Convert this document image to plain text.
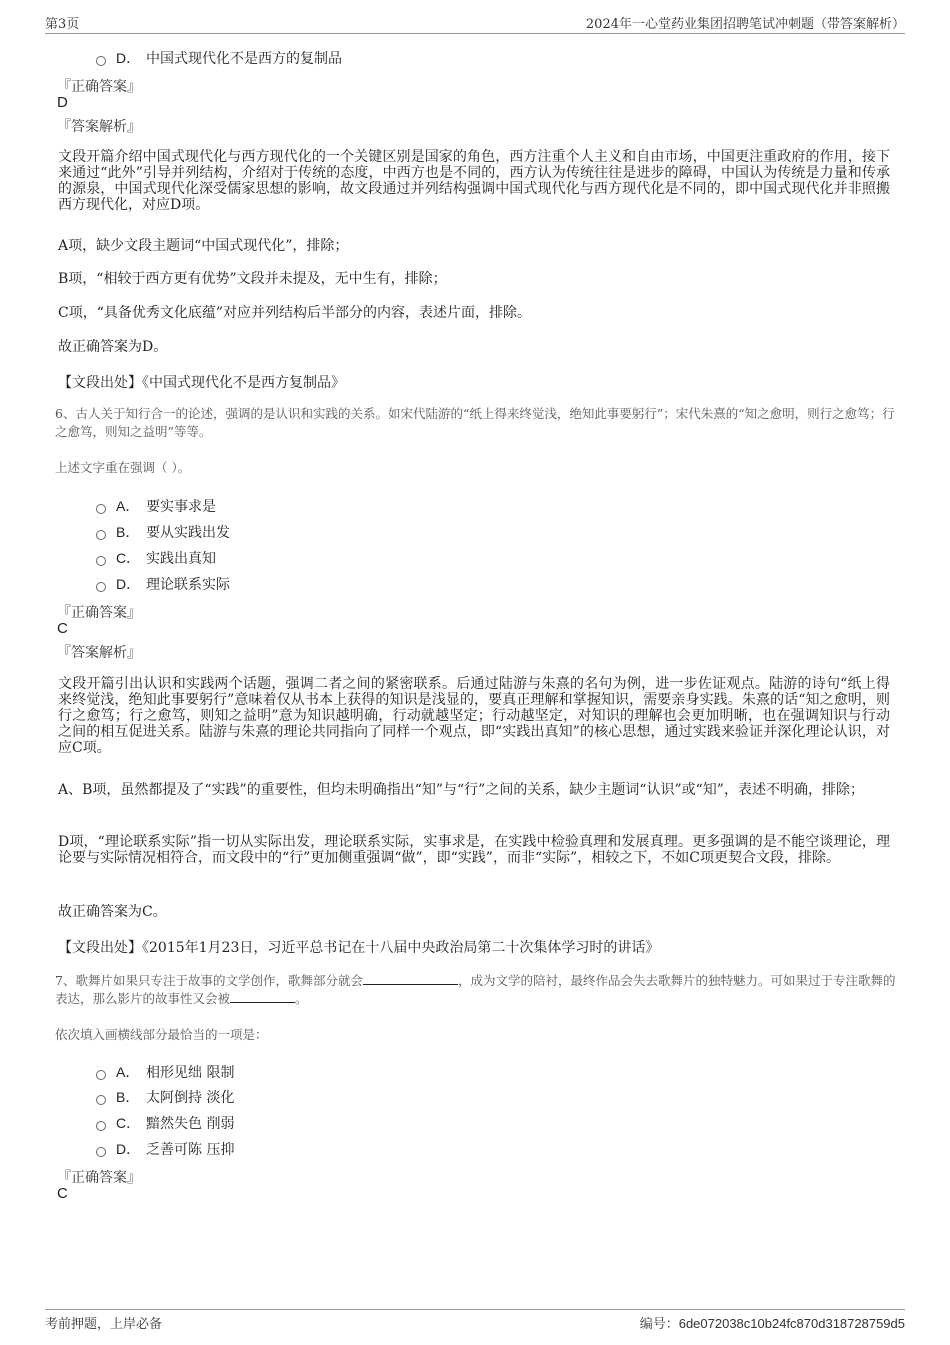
第3页	2024年一心堂药业集团招聘笔试冲刺题（带答案解析）
D． 中国式现代化不是西方的复制品
『正确答案』
D
『答案解析』
文段开篇介绍中国式现代化与西方现代化的一个关键区别是国家的角色，西方注重个人主义和自由市场，中国更注重政府的作用，接下来通过“此外”引导并列结构，介绍对于传统的态度，中西方也是不同的，西方认为传统往往是进步的障碍，中国认为传统是力量和传承的源泉，中国式现代化深受儒家思想的影响，故文段通过并列结构强调中国式现代化与西方现代化是不同的，即中国式现代化并非照搬西方现代化，对应D项。
A项，缺少文段主题词“中国式现代化”，排除；
B项，“相较于西方更有优势”文段并未提及，无中生有，排除；
C项，“具备优秀文化底蕴”对应并列结构后半部分的内容，表述片面，排除。
故正确答案为D。
【文段出处】《中国式现代化不是西方复制品》
6、古人关于知行合一的论述，强调的是认识和实践的关系。如宋代陆游的“纸上得来终觉浅，绝知此事要躬行”；宋代朱熹的“知之愈明，则行之愈笃；行之愈笃，则知之益明”等等。
上述文字重在强调（ ）。
A． 要实事求是
B． 要从实践出发
C． 实践出真知
D． 理论联系实际
『正确答案』
C
『答案解析』
文段开篇引出认识和实践两个话题，强调二者之间的紧密联系。后通过陆游与朱熹的名句为例，进一步佐证观点。陆游的诗句“纸上得来终觉浅，绝知此事要躬行”意味着仅从书本上获得的知识是浅显的，要真正理解和掌握知识，需要亲身实践。朱熹的话“知之愈明，则行之愈笃；行之愈笃，则知之益明”意为知识越明确，行动就越坚定；行动越坚定，对知识的理解也会更加明晰，也在强调知识与行动之间的相互促进关系。陆游与朱熹的理论共同指向了同样一个观点，即“实践出真知”的核心思想，通过实践来验证并深化理论认识，对应C项。
A、B项，虽然都提及了“实践”的重要性，但均未明确指出“知”与“行”之间的关系，缺少主题词“认识”或“知”，表述不明确，排除；
D项，“理论联系实际”指一切从实际出发，理论联系实际，实事求是，在实践中检验真理和发展真理。更多强调的是不能空谈理论，理论要与实际情况相符合，而文段中的“行”更加侧重强调“做”，即“实践”，而非“实际”，相较之下，不如C项更契合文段，排除。
故正确答案为C。
【文段出处】《2015年1月23日，习近平总书记在十八届中央政治局第二十次集体学习时的讲话》
7、歌舞片如果只专注于故事的文学创作，歌舞部分就会	，成为文学的陪衬，最终作品会失去歌舞片的独特魅力。可如果过于专注歌舞的表达，那么影片的故事性又会被	。
依次填入画横线部分最恰当的一项是：
A． 相形见绌 限制
B． 太阿倒持 淡化
C． 黯然失色 削弱
D． 乏善可陈 压抑
『正确答案』
C
考前押题，上岸必备	编号：6de072038c10b24fc870d318728759d5
